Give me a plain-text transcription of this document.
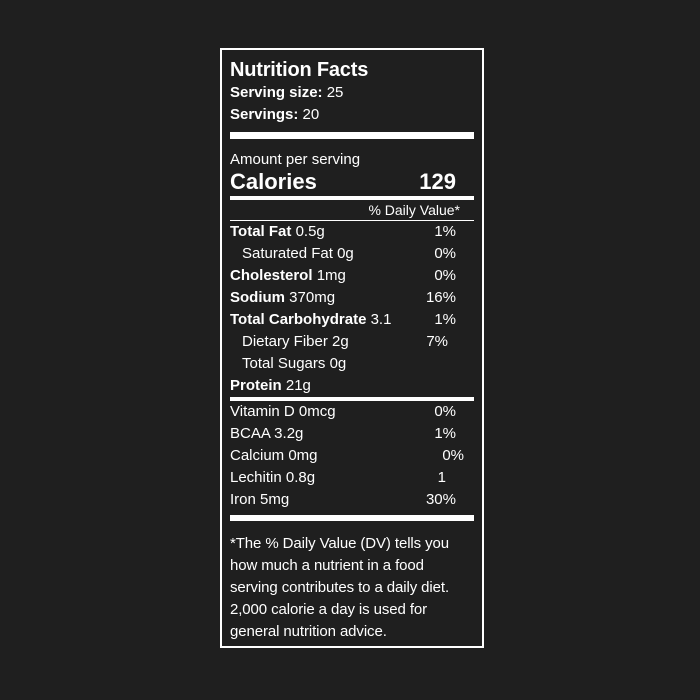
Nutrition Facts
Serving size: 25
Servings: 20
Amount per serving
Calories	129
% Daily Value*
Total Fat 0.5g	1%
Saturated Fat 0g	0%
Cholesterol 1mg	0%
Sodium 370mg	16%
Total Carbohydrate 3.1	1%
Dietary Fiber 2g	7%
Total Sugars 0g
Protein 21g
Vitamin D 0mcg	0%
BCAA 3.2g	1%
Calcium 0mg	0%
Lechitin 0.8g	1
Iron 5mg	30%
*The % Daily Value (DV) tells you how much a nutrient in a food serving contributes to a daily diet. 2,000 calorie a day is used for general nutrition advice.
